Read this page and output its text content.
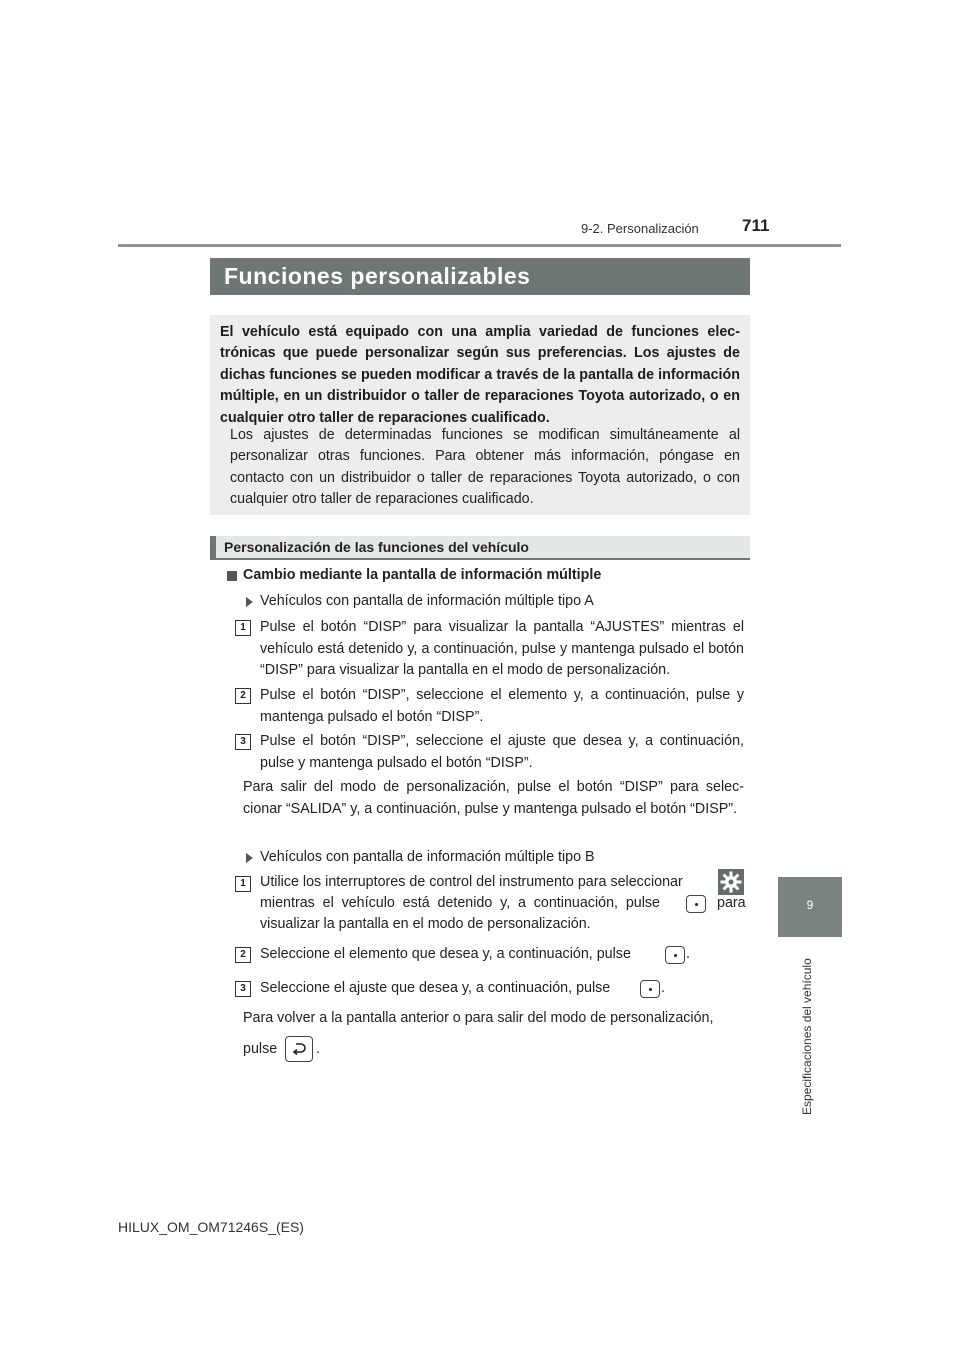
9-2. Personalización	711
9
Especificaciones del vehículo
Funciones personalizables
El vehículo está equipado con una amplia variedad de funciones elec- trónicas que puede personalizar según sus preferencias. Los ajustes de dichas funciones se pueden modificar a través de la pantalla de información múltiple, en un distribuidor o taller de reparaciones Toyota autorizado, o en cualquier otro taller de reparaciones cualificado.
Los ajustes de determinadas funciones se modifican simultáneamente al personalizar otras funciones. Para obtener más información, póngase en contacto con un distribuidor o taller de reparaciones Toyota autorizado, o con cualquier otro taller de reparaciones cualificado.
Personalización de las funciones del vehículo
Cambio mediante la pantalla de información múltiple
Vehículos con pantalla de información múltiple tipo A
1 Pulse el botón “DISP” para visualizar la pantalla “AJUSTES” mientras el vehículo está detenido y, a continuación, pulse y mantenga pulsado el botón “DISP” para visualizar la pantalla en el modo de personalización.
2 Pulse el botón “DISP”, seleccione el elemento y, a continuación, pulse y mantenga pulsado el botón “DISP”.
3 Pulse el botón “DISP”, seleccione el ajuste que desea y, a continuación, pulse y mantenga pulsado el botón “DISP”.
Para salir del modo de personalización, pulse el botón “DISP” para selec- cionar “SALIDA” y, a continuación, pulse y mantenga pulsado el botón “DISP”.
Vehículos con pantalla de información múltiple tipo B
1 Utilice los interruptores de control del instrumento para seleccionar
mientras el vehículo está detenido y, a continuación, pulse	para
visualizar la pantalla en el modo de personalización.
2 Seleccione el elemento que desea y, a continuación, pulse	.
3 Seleccione el ajuste que desea y, a continuación, pulse	.
Para volver a la pantalla anterior o para salir del modo de personalización,
pulse	.
HILUX_OM_OM71246S_(ES)
